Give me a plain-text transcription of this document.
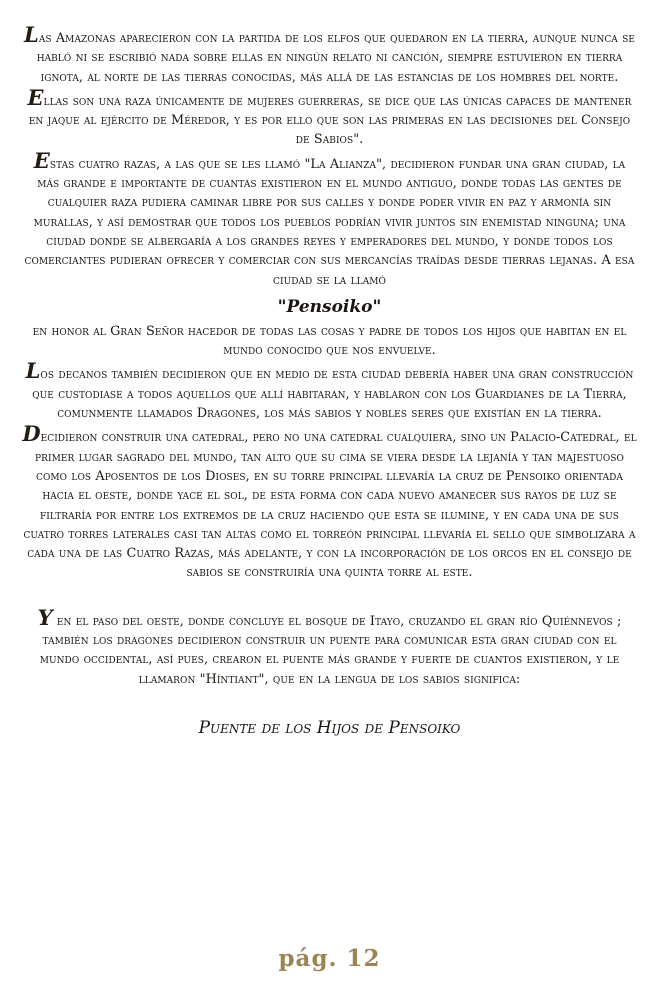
Las Amazonas aparecieron con la partida de los elfos que quedaron en la tierra, aunque nunca se habló ni se escribió nada sobre ellas en ningún relato ni canción, siempre estuvieron en tierra ignota, al norte de las tierras conocidas, más allá de las estancias de los hombres del norte.

Ellas son una raza únicamente de mujeres guerreras, se dice que las únicas capaces de mantener en jaque al ejército de Méredor, y es por ello que son las primeras en las decisiones del Consejo de Sabios".

Estas cuatro razas, a las que se les llamó "La Alianza", decidieron fundar una gran ciudad, la más grande e importante de cuantas existieron en el mundo antiguo, donde todas las gentes de cualquier raza pudiera caminar libre por sus calles y donde poder vivir en paz y armonía sin murallas, y así demostrar que todos los pueblos podrían vivir juntos sin enemistad ninguna; una ciudad donde se albergaría a los grandes reyes y emperadores del mundo, y donde todos los comerciantes pudieran ofrecer y comerciar con sus mercancías traídas desde tierras lejanas. A esa ciudad se la llamó

"Pensoiko"

en honor al Gran Señor hacedor de todas las cosas y padre de todos los hijos que habitan en el mundo conocido que nos envuelve.

Los decanos también decidieron que en medio de esta ciudad debería haber una gran construcción que custodiase a todos aquellos que allí habitaran, y hablaron con los Guardianes de la Tierra, comunmente llamados Dragones, los más sabios y nobles seres que existían en la tierra.

Decidieron construir una catedral, pero no una catedral cualquiera, sino un Palacio-Catedral, el primer lugar sagrado del mundo, tan alto que su cima se viera desde la lejanía y tan majestuoso como los Aposentos de los Dioses, en su torre principal llevaría la cruz de Pensoiko orientada hacia el oeste, donde yace el sol, de esta forma con cada nuevo amanecer sus rayos de luz se filtraría por entre los extremos de la cruz haciendo que esta se ilumine, y en cada una de sus cuatro torres laterales casi tan altas como el torreón principal llevaría el sello que simbolizara a cada una de las Cuatro Razas, más adelante, y con la incorporación de los orcos en el consejo de sabios se construiría una quinta torre al este.

Y en el paso del oeste, donde concluye el bosque de Itayo, cruzando el gran río Quiénnevos ; también los dragones decidieron construir un puente para comunicar esta gran ciudad con el mundo occidental, así pues, crearon el puente más grande y fuerte de cuantos existieron, y le llamaron "Híntiant", que en la lengua de los sabios significa:

Puente de los Hijos de Pensoiko

pág. 12
